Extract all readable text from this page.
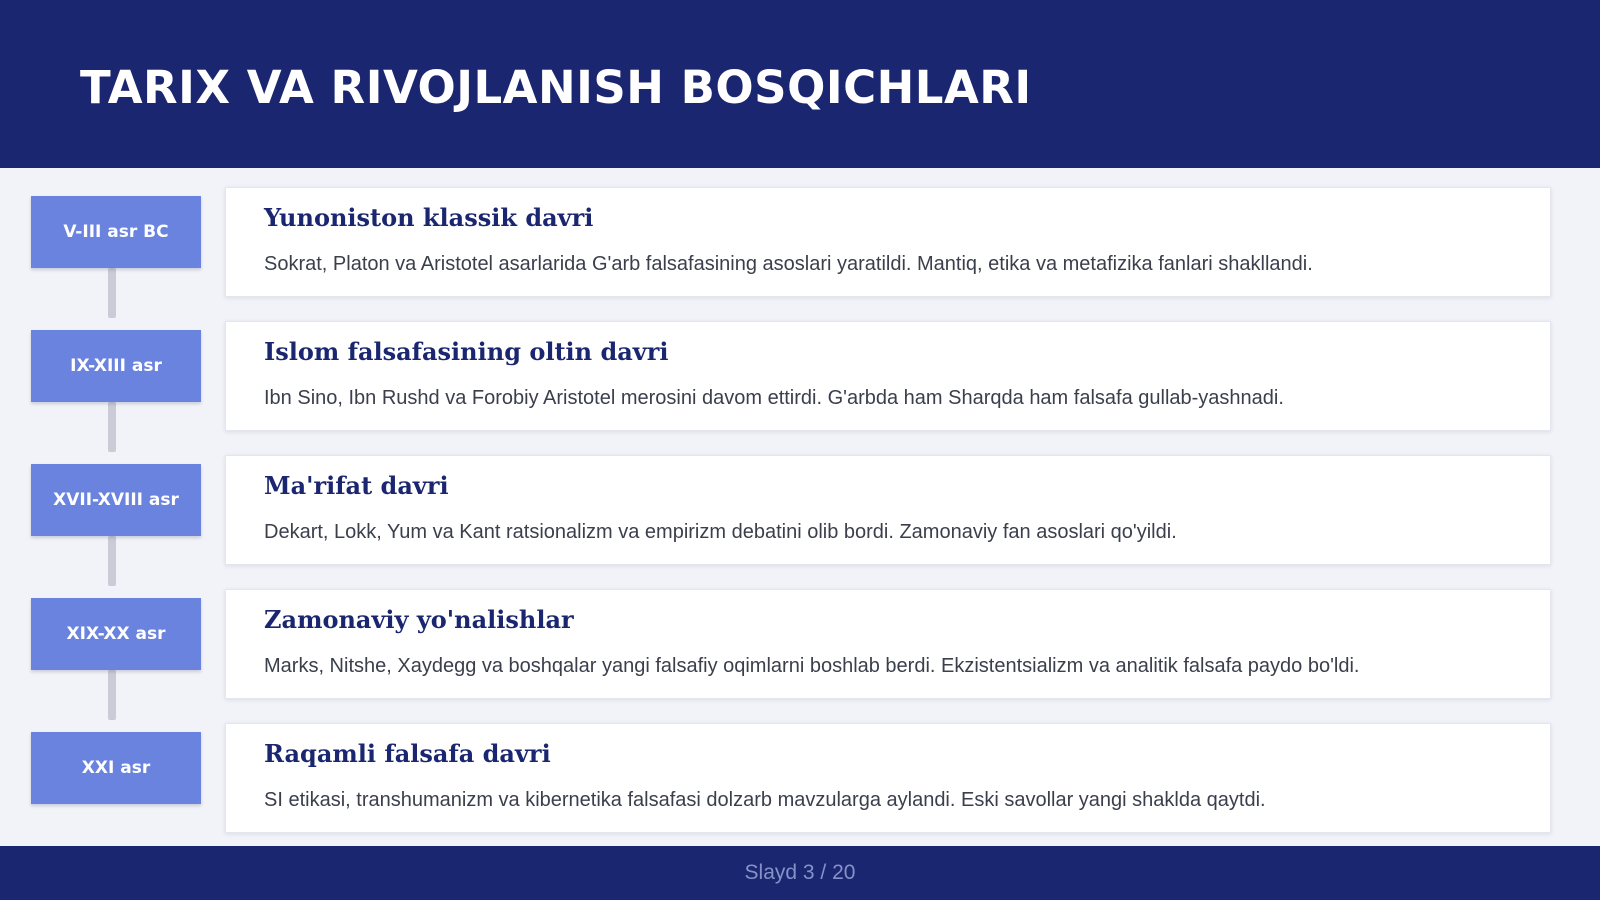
TARIX VA RIVOJLANISH BOSQICHLARI
V-III asr BC	Yunoniston klassik davri

Sokrat, Platon va Aristotel asarlarida G'arb falsafasining asoslari yaratildi. Mantiq, etika va metafizika fanlari shakllandi.

IX-XIII asr	Islom falsafasining oltin davri

Ibn Sino, Ibn Rushd va Forobiy Aristotel merosini davom ettirdi. G'arbda ham Sharqda ham falsafa gullab-yashnadi.

XVII-XVIII asr	Ma'rifat davri

Dekart, Lokk, Yum va Kant ratsionalizm va empirizm debatini olib bordi. Zamonaviy fan asoslari qo'yildi.

XIX-XX asr	Zamonaviy yo'nalishlar

Marks, Nitshe, Xaydegg va boshqalar yangi falsafiy oqimlarni boshlab berdi. Ekzistentsializm va analitik falsafa paydo bo'ldi.

XXI asr	Raqamli falsafa davri

SI etikasi, transhumanizm va kibernetika falsafasi dolzarb mavzularga aylandi. Eski savollar yangi shaklda qaytdi.

Slayd 3 / 20
